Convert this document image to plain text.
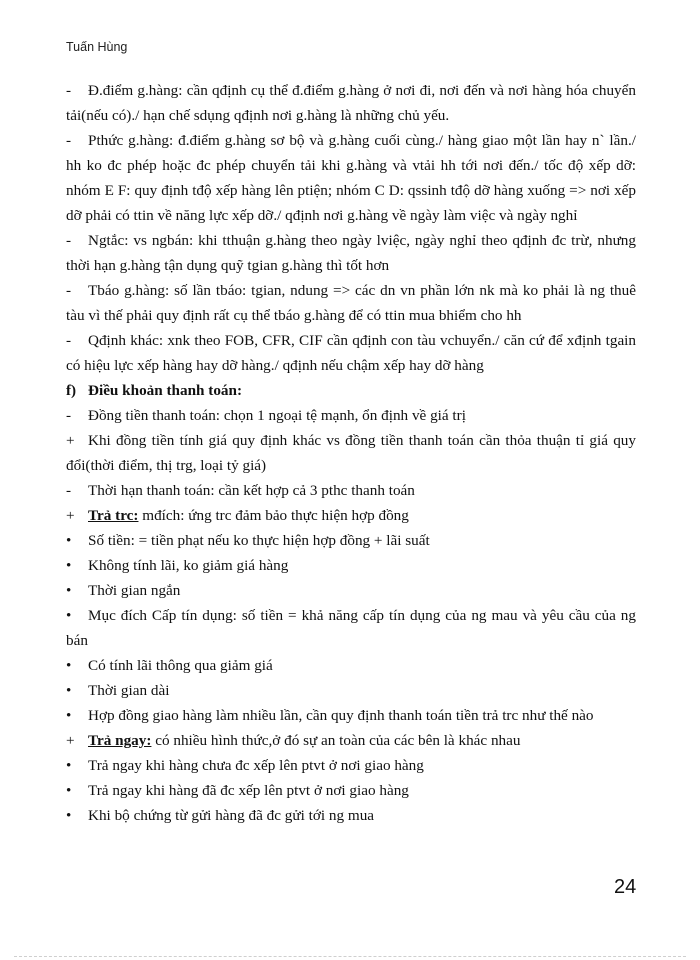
Tuấn Hùng

- Đ.điểm g.hàng: cần qđịnh cụ thể đ.điểm g.hàng ở nơi đi, nơi đến và nơi hàng hóa chuyển tải(nếu có)./ hạn chế sdụng qđịnh nơi g.hàng là những chủ yếu.

- Pthức g.hàng: đ.điểm g.hàng sơ bộ và g.hàng cuối cùng./ hàng giao một lần hay n` lần./ hh ko đc phép hoặc đc phép chuyển tải khi g.hàng và vtải hh tới nơi đến./ tốc độ xếp dỡ: nhóm E F: quy định tđộ xếp hàng lên ptiện; nhóm C D: qssinh tđộ dỡ hàng xuống => nơi xếp dỡ phải có ttin về năng lực xếp dỡ./ qđịnh nơi g.hàng về ngày làm việc và ngày nghỉ

- Ngtắc: vs ngbán: khi tthuận g.hàng theo ngày lviệc, ngày nghỉ theo qđịnh đc trừ, nhưng thời hạn g.hàng tận dụng quỹ tgian g.hàng thì tốt hơn

- Tbáo g.hàng: số lần tbáo: tgian, ndung => các dn vn phần lớn nk mà ko phải là ng thuê tàu vì thế phải quy định rất cụ thể tbáo g.hàng để có ttin mua bhiểm cho hh

- Qđịnh khác: xnk theo FOB, CFR, CIF cần qđịnh con tàu vchuyển./ căn cứ để xđịnh tgain có hiệu lực xếp hàng hay dỡ hàng./ qđịnh nếu chậm xếp hay dỡ hàng

f) Điều khoản thanh toán:

- Đồng tiền thanh toán: chọn 1 ngoại tệ mạnh, ổn định về giá trị

+ Khi đồng tiền tính giá quy định khác vs đồng tiền thanh toán cần thỏa thuận tỉ giá quy đổi(thời điểm, thị trg, loại tỷ giá)

- Thời hạn thanh toán: cần kết hợp cả 3 pthc thanh toán

+ Trả trc: mđích: ứng trc đảm bảo thực hiện hợp đồng

• Số tiền: = tiền phạt nếu ko thực hiện hợp đồng + lãi suất

• Không tính lãi, ko giảm giá hàng

• Thời gian ngắn

• Mục đích Cấp tín dụng: số tiền = khả năng cấp tín dụng của ng mau và yêu cầu của ng bán

• Có tính lãi thông qua giảm giá

• Thời gian dài

• Hợp đồng giao hàng làm nhiều lần, cần quy định thanh toán tiền trả trc như thế nào

+ Trả ngay: có nhiều hình thức,ở đó sự an toàn của các bên là khác nhau

• Trả ngay khi hàng chưa đc xếp lên ptvt ở nơi giao hàng

• Trả ngay khi hàng đã đc xếp lên ptvt ở nơi giao hàng

• Khi bộ chứng từ gửi hàng đã đc gửi tới ng mua

24
